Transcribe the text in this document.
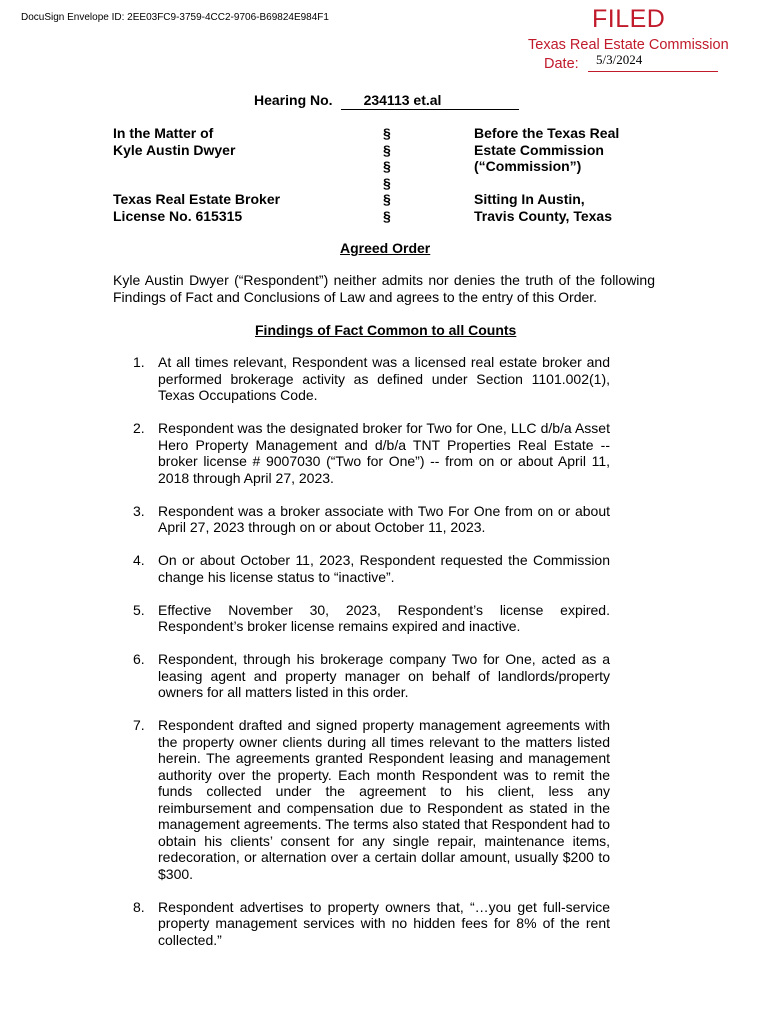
DocuSign Envelope ID: 2EE03FC9-3759-4CC2-9706-B69824E984F1	FILED
Texas Real Estate Commission
Date: 5/3/2024
Hearing No. 234113 et.al
In the Matter of
Kyle Austin Dwyer
Texas Real Estate Broker
License No. 615315
§
§
§
§
§
§
Before the Texas Real
Estate Commission
(“Commission”)
Sitting In Austin,
Travis County, Texas
Agreed Order
Kyle Austin Dwyer (“Respondent”) neither admits nor denies the truth of the following Findings of Fact and Conclusions of Law and agrees to the entry of this Order.
Findings of Fact Common to all Counts
1. At all times relevant, Respondent was a licensed real estate broker and performed brokerage activity as defined under Section 1101.002(1), Texas Occupations Code.
2. Respondent was the designated broker for Two for One, LLC d/b/a Asset Hero Property Management and d/b/a TNT Properties Real Estate -- broker license # 9007030 (“Two for One”) -- from on or about April 11, 2018 through April 27, 2023.
3. Respondent was a broker associate with Two For One from on or about April 27, 2023 through on or about October 11, 2023.
4. On or about October 11, 2023, Respondent requested the Commission change his license status to “inactive”.
5. Effective November 30, 2023, Respondent’s license expired. Respondent’s broker license remains expired and inactive.
6. Respondent, through his brokerage company Two for One, acted as a leasing agent and property manager on behalf of landlords/property owners for all matters listed in this order.
7. Respondent drafted and signed property management agreements with the property owner clients during all times relevant to the matters listed herein. The agreements granted Respondent leasing and management authority over the property. Each month Respondent was to remit the funds collected under the agreement to his client, less any reimbursement and compensation due to Respondent as stated in the management agreements. The terms also stated that Respondent had to obtain his clients’ consent for any single repair, maintenance items, redecoration, or alternation over a certain dollar amount, usually $200 to $300.
8. Respondent advertises to property owners that, “…you get full-service property management services with no hidden fees for 8% of the rent collected.”
